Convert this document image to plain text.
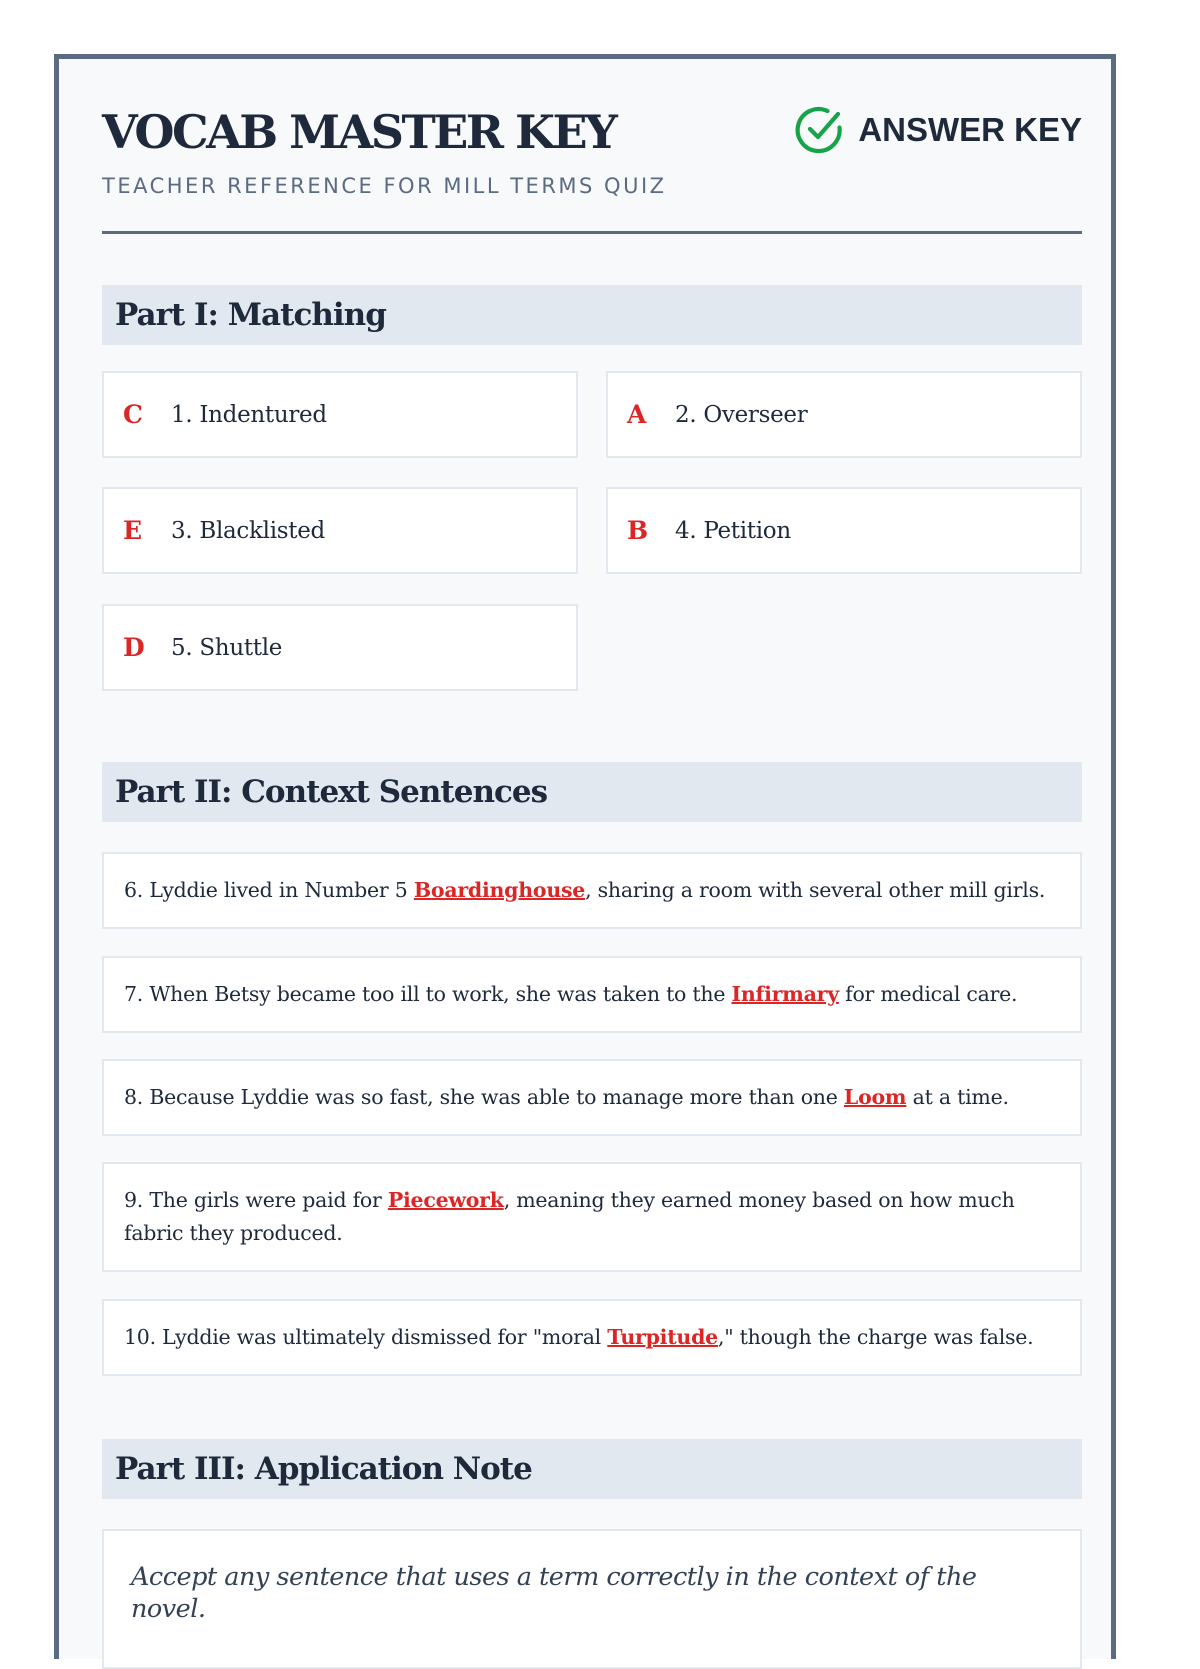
VOCAB MASTER KEY
TEACHER REFERENCE FOR MILL TERMS QUIZ
ANSWER KEY
Part I: Matching
C	1. Indentured	A	2. Overseer
E	3. Blacklisted	B	4. Petition
D	5. Shuttle
Part II: Context Sentences
6. Lyddie lived in Number 5 Boardinghouse, sharing a room with several other mill girls.
7. When Betsy became too ill to work, she was taken to the Infirmary for medical care.
8. Because Lyddie was so fast, she was able to manage more than one Loom at a time.
9. The girls were paid for Piecework, meaning they earned money based on how much fabric they produced.
10. Lyddie was ultimately dismissed for "moral Turpitude," though the charge was false.
Part III: Application Note
Accept any sentence that uses a term correctly in the context of the novel.
